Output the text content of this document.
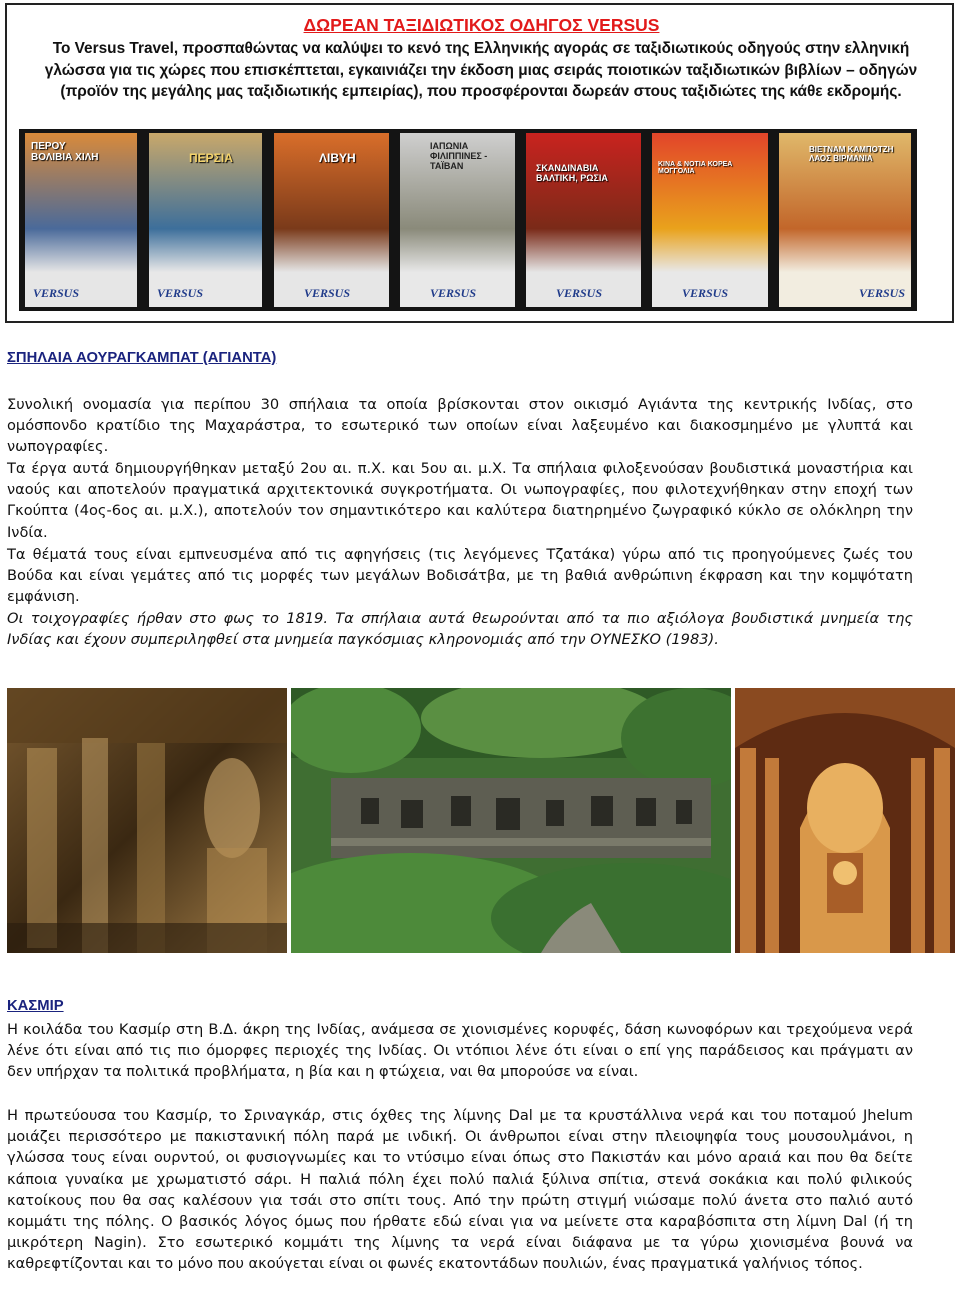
ΔΩΡΕΑΝ ΤΑΞΙΔΙΩΤΙΚΟΣ ΟΔΗΓΟΣ VERSUS
Το Versus Travel, προσπαθώντας να καλύψει το κενό της Ελληνικής αγοράς σε ταξιδιωτικούς οδηγούς στην ελληνική γλώσσα για τις χώρες που επισκέπτεται, εγκαινιάζει την έκδοση μιας σειράς ποιοτικών ταξιδιωτικών βιβλίων – οδηγών (προϊόν της μεγάλης μας ταξιδιωτικής εμπειρίας), που προσφέρονται δωρεάν στους ταξιδιώτες της κάθε εκδρομής.
ΠΕΡΟΥ ΒΟΛΙΒΙΑ ΧΙΛΗ
VERSUS
ΠΕΡΣΙΑ
VERSUS
ΛΙΒΥΗ
VERSUS
ΙΑΠΩΝΙΑ ΦΙΛΙΠΠΙΝΕΣ - ΤΑΪΒΑΝ
VERSUS
ΣΚΑΝΔΙΝΑΒΙΑ ΒΑΛΤΙΚΗ, ΡΩΣΙΑ
VERSUS
ΚΙΝΑ & ΝΟΤΙΑ ΚΟΡΕΑ ΜΟΓΓΟΛΙΑ
VERSUS
ΒΙΕΤΝΑΜ ΚΑΜΠΟΤΖΗ ΛΑΟΣ ΒΙΡΜΑΝΙΑ
VERSUS
ΣΠΗΛΑΙΑ ΑΟΥΡΑΓΚΑΜΠΑΤ (ΑΓΙΑΝΤΑ)

Συνολική ονομασία για περίπου 30 σπήλαια τα οποία βρίσκονται στον οικισμό Αγιάντα της κεντρικής Ινδίας, στο ομόσπονδο κρατίδιο της Μαχαράστρα, το εσωτερικό των οποίων είναι λαξευμένο και διακοσμημένο με γλυπτά και νωπογραφίες.

Τα έργα αυτά δημιουργήθηκαν μεταξύ 2ου αι. π.Χ. και 5ου αι. μ.Χ. Τα σπήλαια φιλοξενούσαν βουδιστικά μοναστήρια και ναούς και αποτελούν πραγματικά αρχιτεκτονικά συγκροτήματα. Οι νωπογραφίες, που φιλοτεχνήθηκαν στην εποχή των Γκούπτα (4ος-6ος αι. μ.Χ.), αποτελούν τον σημαντικότερο και καλύτερα διατηρημένο ζωγραφικό κύκλο σε ολόκληρη την Ινδία.

Τα θέματά τους είναι εμπνευσμένα από τις αφηγήσεις (τις λεγόμενες Τζατάκα) γύρω από τις προηγούμενες ζωές του Βούδα και είναι γεμάτες από τις μορφές των μεγάλων Βοδισάτβα, με τη βαθιά ανθρώπινη έκφραση και την κομψότατη εμφάνιση.

Οι τοιχογραφίες ήρθαν στο φως το 1819. Τα σπήλαια αυτά θεωρούνται από τα πιο αξιόλογα βουδιστικά μνημεία της Ινδίας και έχουν συμπεριληφθεί στα μνημεία παγκόσμιας κληρονομιάς από την ΟΥΝΕΣΚΟ (1983).

ΚΑΣΜΙΡ

Η κοιλάδα του Κασμίρ στη Β.Δ. άκρη της Ινδίας, ανάμεσα σε χιονισμένες κορυφές, δάση κωνοφόρων και τρεχούμενα νερά λένε ότι είναι από τις πιο όμορφες περιοχές της Ινδίας. Οι ντόπιοι λένε ότι είναι ο επί γης παράδεισος και πράγματι αν δεν υπήρχαν τα πολιτικά προβλήματα, η βία και η φτώχεια, ναι θα μπορούσε να είναι.

Η πρωτεύουσα του Κασμίρ, το Σριναγκάρ, στις όχθες της λίμνης Dal με τα κρυστάλλινα νερά και του ποταμού Jhelum μοιάζει περισσότερο με πακιστανική πόλη παρά με ινδική. Οι άνθρωποι είναι στην πλειοψηφία τους μουσουλμάνοι, η γλώσσα τους είναι ουρντού, οι φυσιογνωμίες και το ντύσιμο είναι όπως στο Πακιστάν και μόνο αραιά και που θα δείτε κάποια γυναίκα με χρωματιστό σάρι. Η παλιά πόλη έχει πολύ παλιά ξύλινα σπίτια, στενά σοκάκια και πολύ φιλικούς κατοίκους που θα σας καλέσουν για τσάι στο σπίτι τους. Από την πρώτη στιγμή νιώσαμε πολύ άνετα στο παλιό αυτό κομμάτι της πόλης. Ο βασικός λόγος όμως που ήρθατε εδώ είναι για να μείνετε στα καραβόσπιτα στη λίμνη Dal (ή τη μικρότερη Nagin). Στο εσωτερικό κομμάτι της λίμνης τα νερά είναι διάφανα με τα γύρω χιονισμένα βουνά να καθρεφτίζονται και το μόνο που ακούγεται είναι οι φωνές εκατοντάδων πουλιών, ένας πραγματικά γαλήνιος τόπος.
